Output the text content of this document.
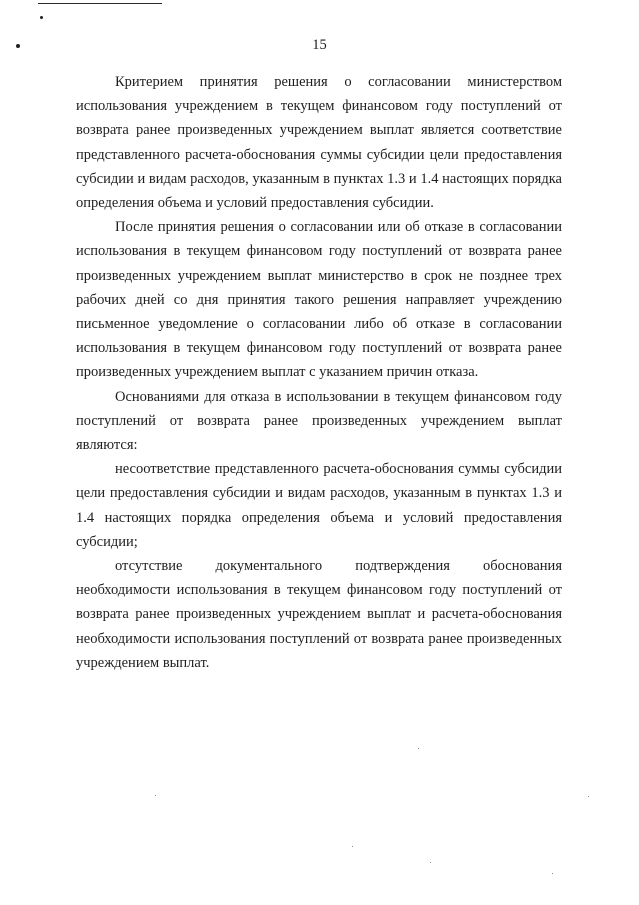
15

Критерием принятия решения о согласовании министерством использования учреждением в текущем финансовом году поступлений от возврата ранее произведенных учреждением выплат является соответствие представленного расчета-обоснования суммы субсидии цели предоставления субсидии и видам расходов, указанным в пунктах 1.3 и 1.4 настоящих порядка определения объема и условий предоставления субсидии.

После принятия решения о согласовании или об отказе в согласовании использования в текущем финансовом году поступлений от возврата ранее произведенных учреждением выплат министерство в срок не позднее трех рабочих дней со дня принятия такого решения направляет учреждению письменное уведомление о согласовании либо об отказе в согласовании использования в текущем финансовом году поступлений от возврата ранее произведенных учреждением выплат с указанием причин отказа.

Основаниями для отказа в использовании в текущем финансовом году поступлений от возврата ранее произведенных учреждением выплат являются:

несоответствие представленного расчета-обоснования суммы субсидии цели предоставления субсидии и видам расходов, указанным в пунктах 1.3 и 1.4 настоящих порядка определения объема и условий предоставления субсидии;

отсутствие документального подтверждения обоснования необходимости использования в текущем финансовом году поступлений от возврата ранее произведенных учреждением выплат и расчета-обоснования необходимости использования поступлений от возврата ранее произведенных учреждением выплат.
